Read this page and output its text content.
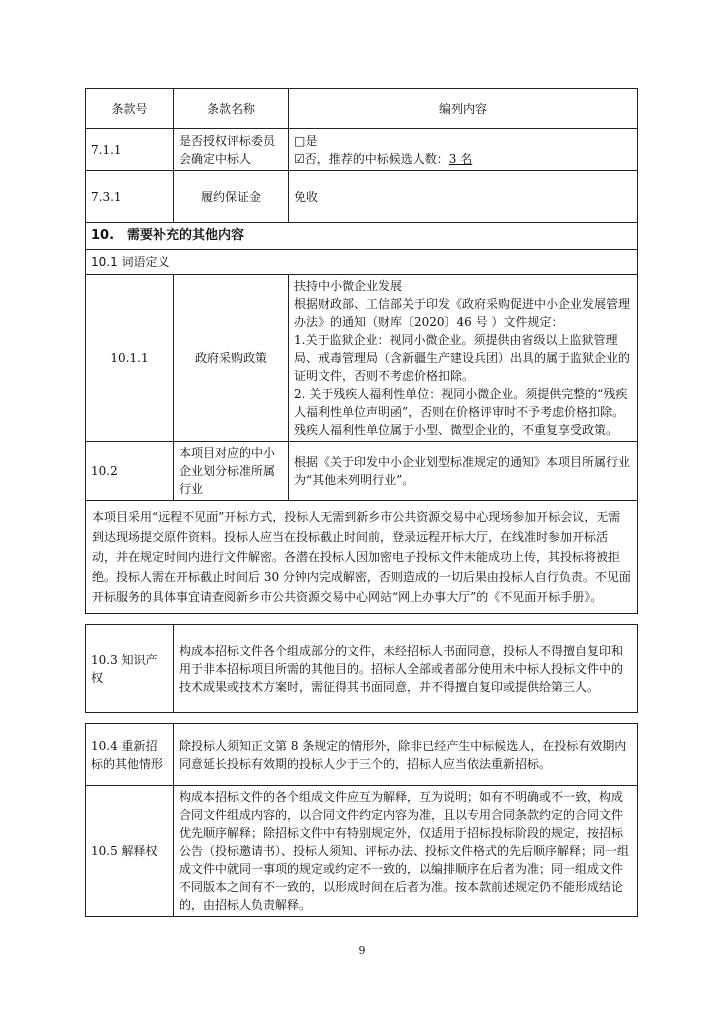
条款号	条款名称	编列内容
7.1.1	是否授权评标委员会确定中标人	□是
☑否，推荐的中标候选人数：3 名

7.3.1	履约保证金	免收
10.　需要补充的其他内容		
10.1 词语定义		
10.1.1	政府采购政策	扶持中小微企业发展
根据财政部、工信部关于印发《政府采购促进中小企业发展管理办法》的通知（财库〔2020〕46 号 ）文件规定：
1.关于监狱企业：视同小微企业。须提供由省级以上监狱管理局、戒毒管理局（含新疆生产建设兵团）出具的属于监狱企业的证明文件，否则不考虑价格扣除。
2. 关于残疾人福利性单位：视同小微企业。须提供完整的“残疾人福利性单位声明函”，否则在价格评审时不予考虑价格扣除。残疾人福利性单位属于小型、微型企业的，不重复享受政策。

10.2	本项目对应的中小企业划分标准所属行业	根据《关于印发中小企业划型标准规定的通知》本项目所属行业为“其他未列明行业”。
本项目采用“远程不见面”开标方式，投标人无需到新乡市公共资源交易中心现场参加开标会议，无需到达现场提交原件资料。投标人应当在投标截止时间前，登录远程开标大厅，在线准时参加开标活动，并在规定时间内进行文件解密。各潜在投标人因加密电子投标文件未能成功上传，其投标将被拒绝。投标人需在开标截止时间后 30 分钟内完成解密，否则造成的一切后果由投标人自行负责。不见面开标服务的具体事宜请查阅新乡市公共资源交易中心网站“网上办事大厅”的《不见面开标手册》。		
10.3 知识产权	构成本招标文件各个组成部分的文件，未经招标人书面同意，投标人不得擅自复印和用于非本招标项目所需的其他目的。招标人全部或者部分使用未中标人投标文件中的技术成果或技术方案时，需征得其书面同意，并不得擅自复印或提供给第三人。
10.4 重新招标的其他情形	除投标人须知正文第 8 条规定的情形外，除非已经产生中标候选人，在投标有效期内同意延长投标有效期的投标人少于三个的，招标人应当依法重新招标。
10.5 解释权	构成本招标文件的各个组成文件应互为解释，互为说明；如有不明确或不一致，构成合同文件组成内容的，以合同文件约定内容为准，且以专用合同条款约定的合同文件优先顺序解释；除招标文件中有特别规定外，仅适用于招标投标阶段的规定，按招标公告（投标邀请书）、投标人须知、评标办法、投标文件格式的先后顺序解释；同一组成文件中就同一事项的规定或约定不一致的，以编排顺序在后者为准；同一组成文件不同版本之间有不一致的，以形成时间在后者为准。按本款前述规定仍不能形成结论的，由招标人负责解释。
9
